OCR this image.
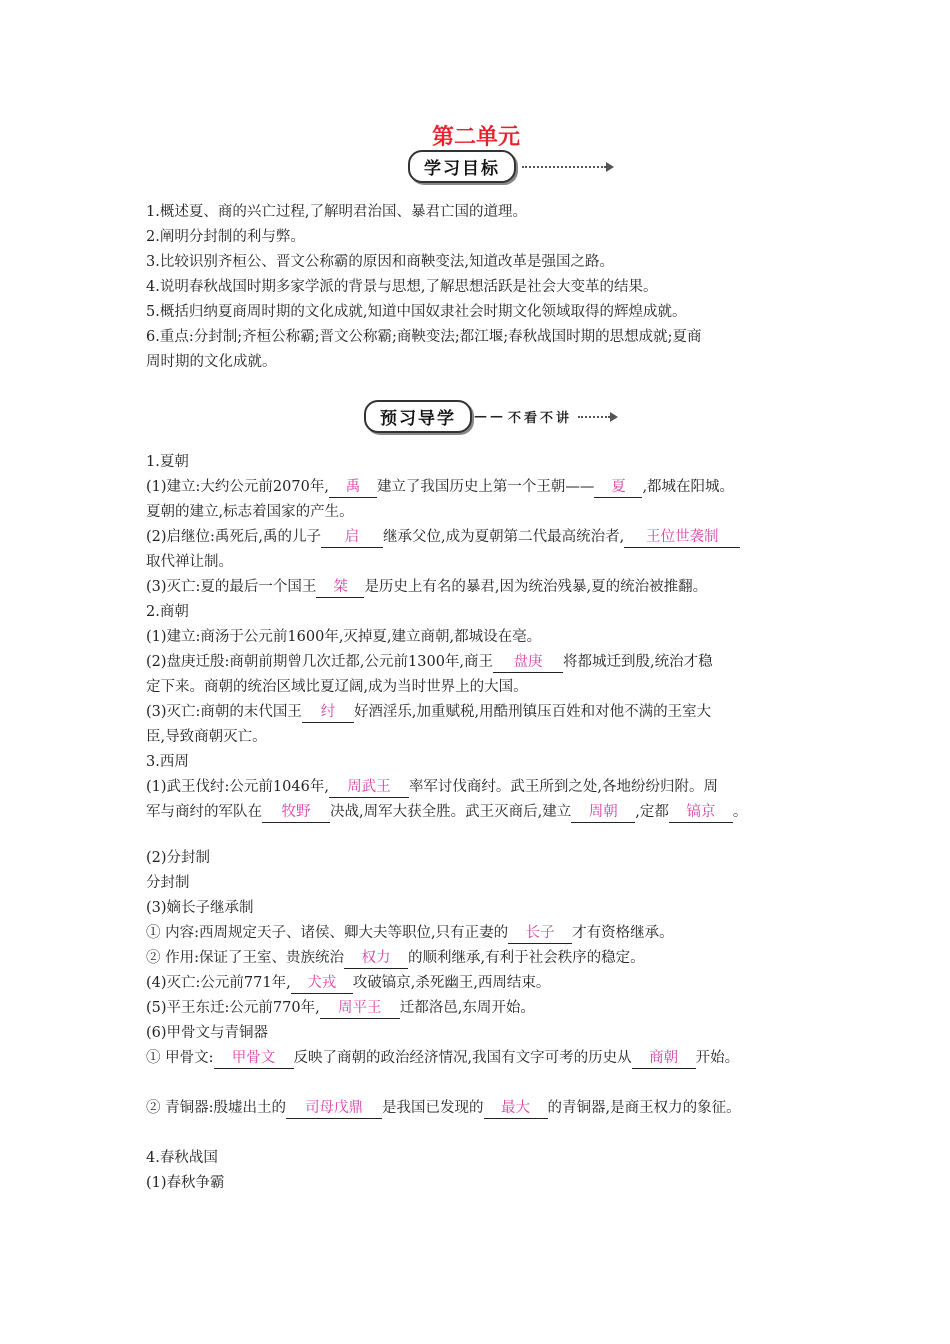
第二单元
学习目标
1.概述夏、商的兴亡过程,了解明君治国、暴君亡国的道理。
2.阐明分封制的利与弊。
3.比较识别齐桓公、晋文公称霸的原因和商鞅变法,知道改革是强国之路。
4.说明春秋战国时期多家学派的背景与思想,了解思想活跃是社会大变革的结果。
5.概括归纳夏商周时期的文化成就,知道中国奴隶社会时期文化领域取得的辉煌成就。
6.重点:分封制;齐桓公称霸;晋文公称霸;商鞅变法;都江堰;春秋战国时期的思想成就;夏商
周时期的文化成就。
预习导学	—— 不看不讲
1.夏朝
(1)建立:大约公元前2070年, 禹 建立了我国历史上第一个王朝—— 夏 ,都城在阳城。
夏朝的建立,标志着国家的产生。
(2)启继位:禹死后,禹的儿子 启 继承父位,成为夏朝第二代最高统治者, 王位世袭制
取代禅让制。
(3)灭亡:夏的最后一个国王 桀 是历史上有名的暴君,因为统治残暴,夏的统治被推翻。
2.商朝
(1)建立:商汤于公元前1600年,灭掉夏,建立商朝,都城设在亳。
(2)盘庚迁殷:商朝前期曾几次迁都,公元前1300年,商王 盘庚 将都城迁到殷,统治才稳
定下来。商朝的统治区域比夏辽阔,成为当时世界上的大国。
(3)灭亡:商朝的末代国王 纣 好酒淫乐,加重赋税,用酷刑镇压百姓和对他不满的王室大
臣,导致商朝灭亡。
3.西周
(1)武王伐纣:公元前1046年, 周武王 率军讨伐商纣。武王所到之处,各地纷纷归附。周
军与商纣的军队在 牧野 决战,周军大获全胜。武王灭商后,建立 周朝 ,定都 镐京 。
(2)分封制
分封制
(3)嫡长子继承制
① 内容:西周规定天子、诸侯、卿大夫等职位,只有正妻的 长子 才有资格继承。
② 作用:保证了王室、贵族统治 权力 的顺利继承,有利于社会秩序的稳定。
(4)灭亡:公元前771年, 犬戎 攻破镐京,杀死幽王,西周结束。
(5)平王东迁:公元前770年, 周平王 迁都洛邑,东周开始。
(6)甲骨文与青铜器
① 甲骨文: 甲骨文 反映了商朝的政治经济情况,我国有文字可考的历史从 商朝 开始。
② 青铜器:殷墟出土的 司母戊鼎 是我国已发现的 最大 的青铜器,是商王权力的象征。
4.春秋战国
(1)春秋争霸
